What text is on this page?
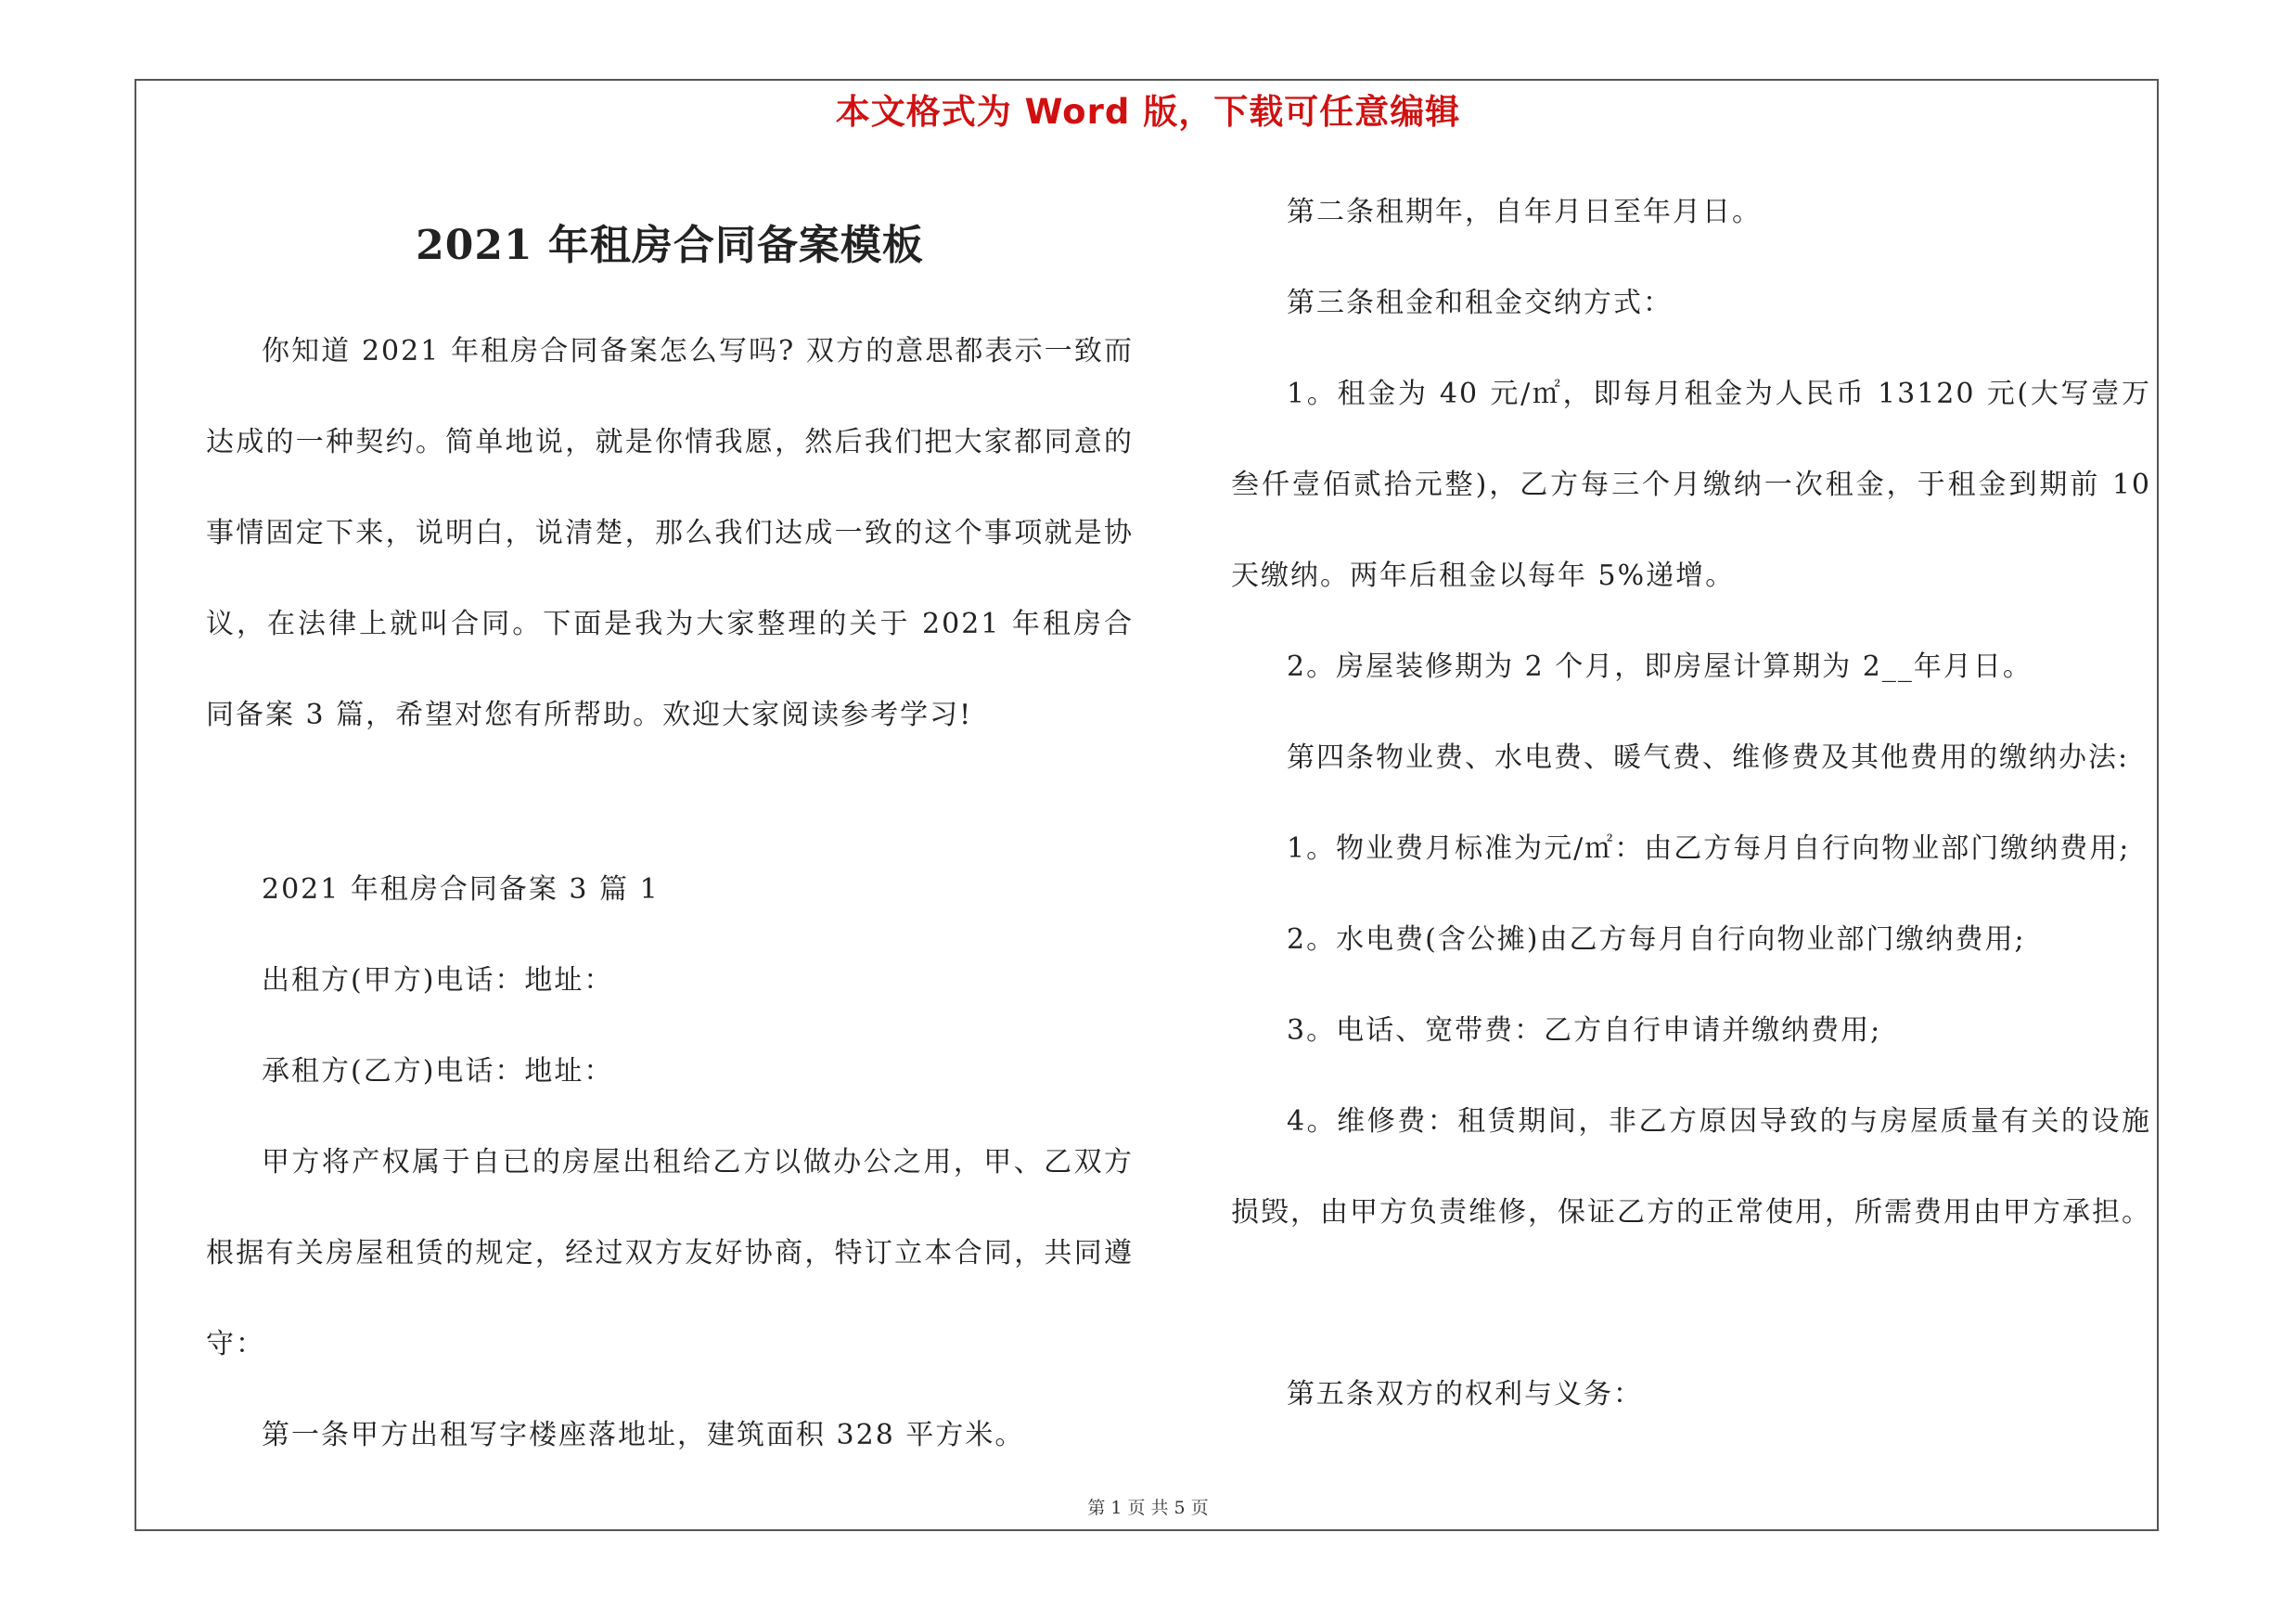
本文格式为 Word 版，下载可任意编辑
2021 年租房合同备案模板

你知道 2021 年租房合同备案怎么写吗? 双方的意思都表示一致而达成的一种契约。简单地说，就是你情我愿，然后我们把大家都同意的事情固定下来，说明白，说清楚，那么我们达成一致的这个事项就是协议，在法律上就叫合同。下面是我为大家整理的关于 2021 年租房合同备案 3 篇，希望对您有所帮助。欢迎大家阅读参考学习!

2021 年租房合同备案 3 篇 1

出租方(甲方)电话：地址：

承租方(乙方)电话：地址：

甲方将产权属于自已的房屋出租给乙方以做办公之用，甲、乙双方根据有关房屋租赁的规定，经过双方友好协商，特订立本合同，共同遵守：

第一条甲方出租写字楼座落地址，建筑面积 328 平方米。

第二条租期年，自年月日至年月日。

第三条租金和租金交纳方式：

1。租金为 40 元/㎡，即每月租金为人民币 13120 元(大写壹万叁仟壹佰贰拾元整)，乙方每三个月缴纳一次租金，于租金到期前 10 天缴纳。两年后租金以每年 5%递增。

2。房屋装修期为 2 个月，即房屋计算期为 2__年月日。

第四条物业费、水电费、暖气费、维修费及其他费用的缴纳办法:

1。物业费月标准为元/㎡：由乙方每月自行向物业部门缴纳费用;

2。水电费(含公摊)由乙方每月自行向物业部门缴纳费用;

3。电话、宽带费：乙方自行申请并缴纳费用;

4。维修费：租赁期间，非乙方原因导致的与房屋质量有关的设施损毁，由甲方负责维修，保证乙方的正常使用，所需费用由甲方承担。

第五条双方的权利与义务：

第 1 页 共 5 页
